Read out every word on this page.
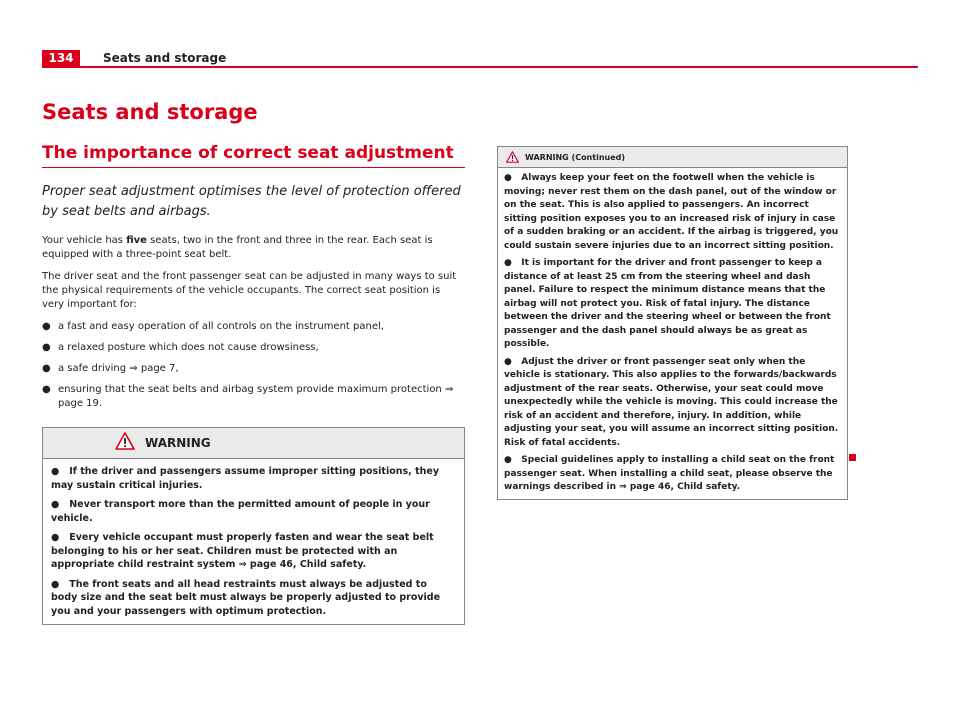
134	Seats and storage
Seats and storage
The importance of correct seat adjustment

Proper seat adjustment optimises the level of protection offered by seat belts and airbags.

Your vehicle has five seats, two in the front and three in the rear. Each seat is equipped with a three-point seat belt.

The driver seat and the front passenger seat can be adjusted in many ways to suit the physical requirements of the vehicle occupants. The correct seat position is very important for:

● a fast and easy operation of all controls on the instrument panel,
● a relaxed posture which does not cause drowsiness,
● a safe driving ⇒ page 7,
● ensuring that the seat belts and airbag system provide maximum protection ⇒ page 19.
WARNING

● If the driver and passengers assume improper sitting positions, they may sustain critical injuries.

● Never transport more than the permitted amount of people in your vehicle.

● Every vehicle occupant must properly fasten and wear the seat belt belonging to his or her seat. Children must be protected with an appropriate child restraint system ⇒ page 46, Child safety.

● The front seats and all head restraints must always be adjusted to body size and the seat belt must always be properly adjusted to provide you and your passengers with optimum protection.

WARNING (Continued)

● Always keep your feet on the footwell when the vehicle is moving; never rest them on the dash panel, out of the window or on the seat. This is also applied to passengers. An incorrect sitting position exposes you to an increased risk of injury in case of a sudden braking or an accident. If the airbag is triggered, you could sustain severe injuries due to an incorrect sitting position.

● It is important for the driver and front passenger to keep a distance of at least 25 cm from the steering wheel and dash panel. Failure to respect the minimum distance means that the airbag will not protect you. Risk of fatal injury. The distance between the driver and the steering wheel or between the front passenger and the dash panel should always be as great as possible.

● Adjust the driver or front passenger seat only when the vehicle is stationary. This also applies to the forwards/backwards adjustment of the rear seats. Otherwise, your seat could move unexpectedly while the vehicle is moving. This could increase the risk of an accident and therefore, injury. In addition, while adjusting your seat, you will assume an incorrect sitting position. Risk of fatal accidents.

● Special guidelines apply to installing a child seat on the front passenger seat. When installing a child seat, please observe the warnings described in ⇒ page 46, Child safety.
